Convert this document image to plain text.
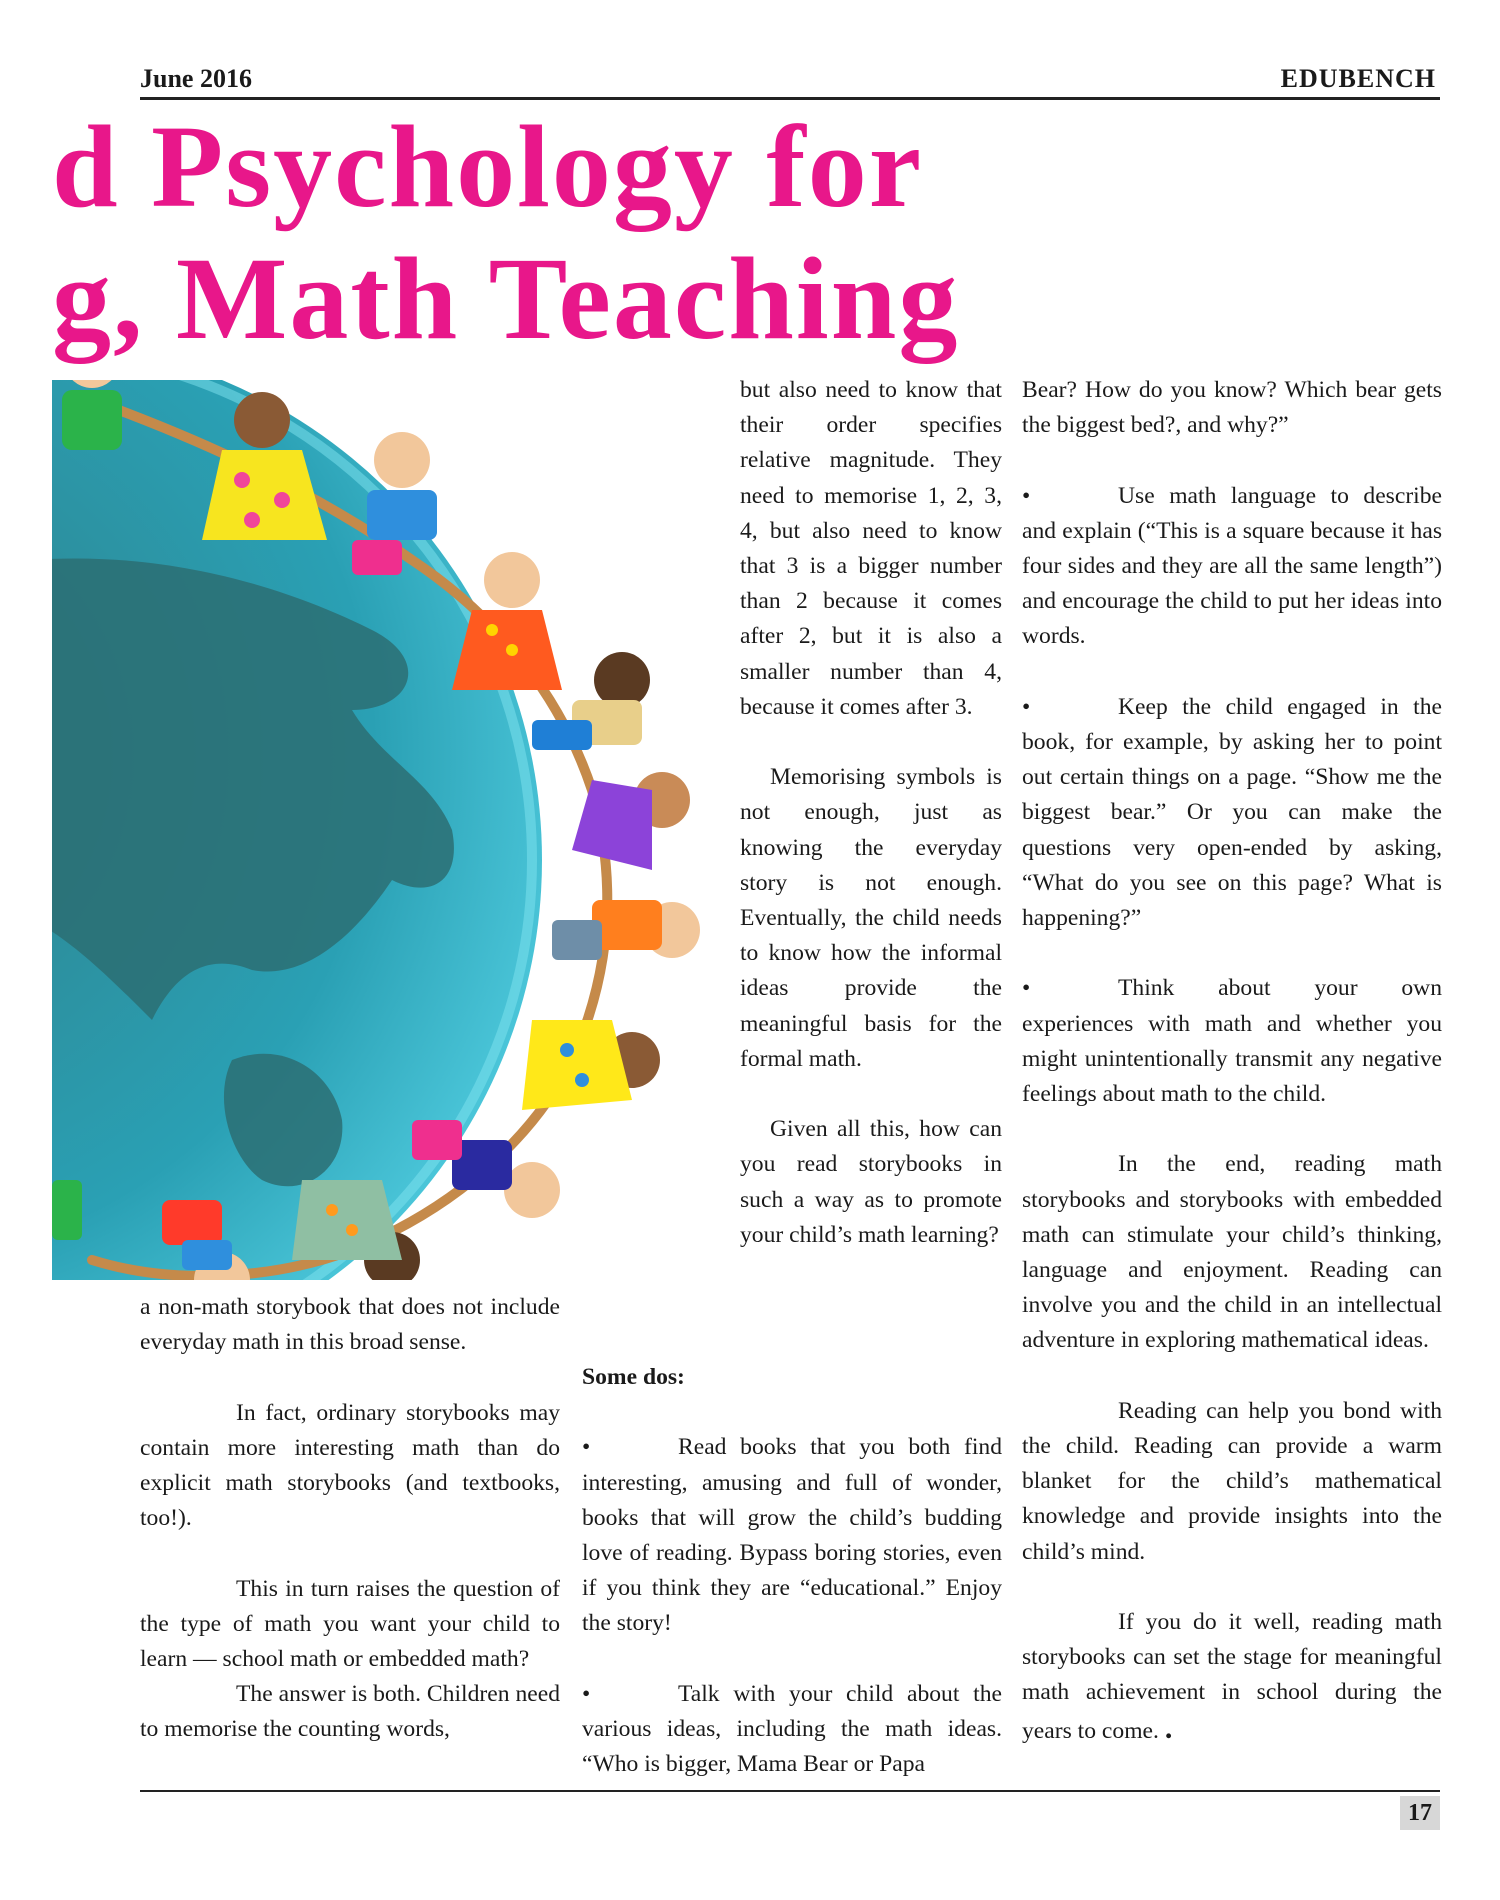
June 2016	EDUBENCH
d Psychology for
g, Math Teaching

but also need to know that their order specifies relative magnitude. They need to memorise 1, 2, 3, 4, but also need to know that 3 is a bigger number than 2 because it comes after 2, but it is also a smaller number than 4, because it comes after 3.

Memorising symbols is not enough, just as knowing the everyday story is not enough. Eventually, the child needs to know how the informal ideas provide the meaningful basis for the formal math.

Given all this, how can you read storybooks in such a way as to promote your child’s math learning?

a non-math storybook that does not include everyday math in this broad sense.

In fact, ordinary storybooks may contain more interesting math than do explicit math storybooks (and textbooks, too!).

This in turn raises the question of the type of math you want your child to learn — school math or embedded math?

The answer is both. Children need to memorise the counting words,

Some dos:

•	Read books that you both find interesting, amusing and full of wonder, books that will grow the child’s budding love of reading. Bypass boring stories, even if you think they are “educational.” Enjoy the story!

•	Talk with your child about the various ideas, including the math ideas. “Who is bigger, Mama Bear or Papa

Bear? How do you know? Which bear gets the biggest bed?, and why?”

•	Use math language to describe and explain (“This is a square because it has four sides and they are all the same length”) and encourage the child to put her ideas into words.

•	Keep the child engaged in the book, for example, by asking her to point out certain things on a page. “Show me the biggest bear.” Or you can make the questions very open-ended by asking, “What do you see on this page? What is happening?”

•	Think about your own experiences with math and whether you might unintentionally transmit any negative feelings about math to the child.

In the end, reading math storybooks and storybooks with embedded math can stimulate your child’s thinking, language and enjoyment. Reading can involve you and the child in an intellectual adventure in exploring mathematical ideas.

Reading can help you bond with the child. Reading can provide a warm blanket for the child’s mathematical knowledge and provide insights into the child’s mind.

If you do it well, reading math storybooks can set the stage for meaningful math achievement in school during the years to come. .

17
